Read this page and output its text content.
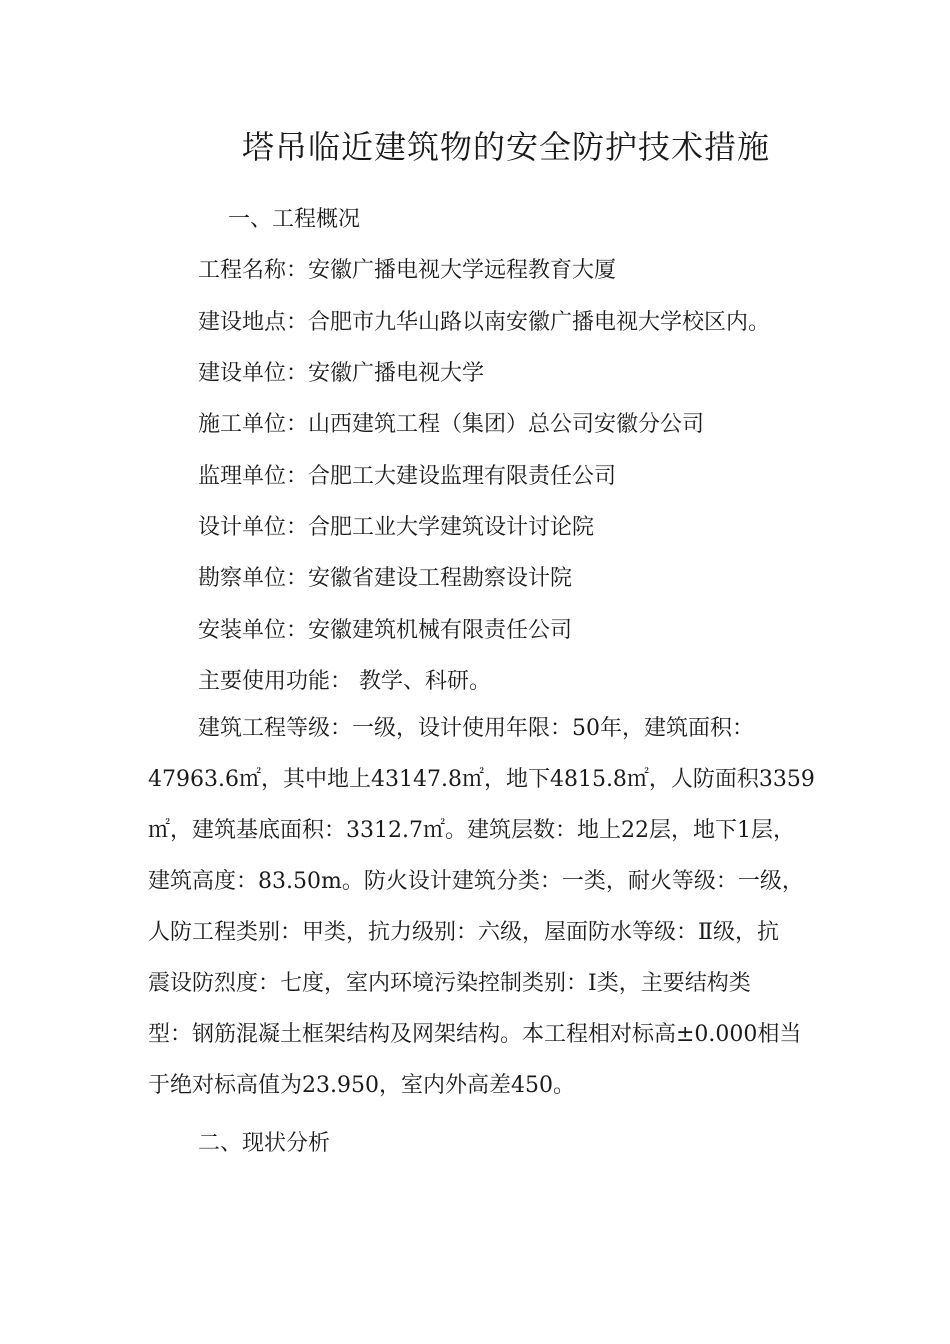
塔吊临近建筑物的安全防护技术措施
一、工程概况
工程名称：安徽广播电视大学远程教育大厦
建设地点：合肥市九华山路以南安徽广播电视大学校区内。
建设单位：安徽广播电视大学
施工单位：山西建筑工程（集团）总公司安徽分公司
监理单位：合肥工大建设监理有限责任公司
设计单位：合肥工业大学建筑设计讨论院
勘察单位：安徽省建设工程勘察设计院
安装单位：安徽建筑机械有限责任公司
主要使用功能： 教学、科研。
建筑工程等级：一级，设计使用年限：50年，建筑面积：
47963.6㎡，其中地上43147.8㎡，地下4815.8㎡，人防面积3359
㎡，建筑基底面积：3312.7㎡。建筑层数：地上22层，地下1层，
建筑高度：83.50m。防火设计建筑分类：一类，耐火等级：一级，
人防工程类别：甲类，抗力级别：六级，屋面防水等级：Ⅱ级，抗
震设防烈度：七度，室内环境污染控制类别：Ⅰ类，主要结构类
型：钢筋混凝土框架结构及网架结构。本工程相对标高±0.000相当
于绝对标高值为23.950，室内外高差450。
二、现状分析
